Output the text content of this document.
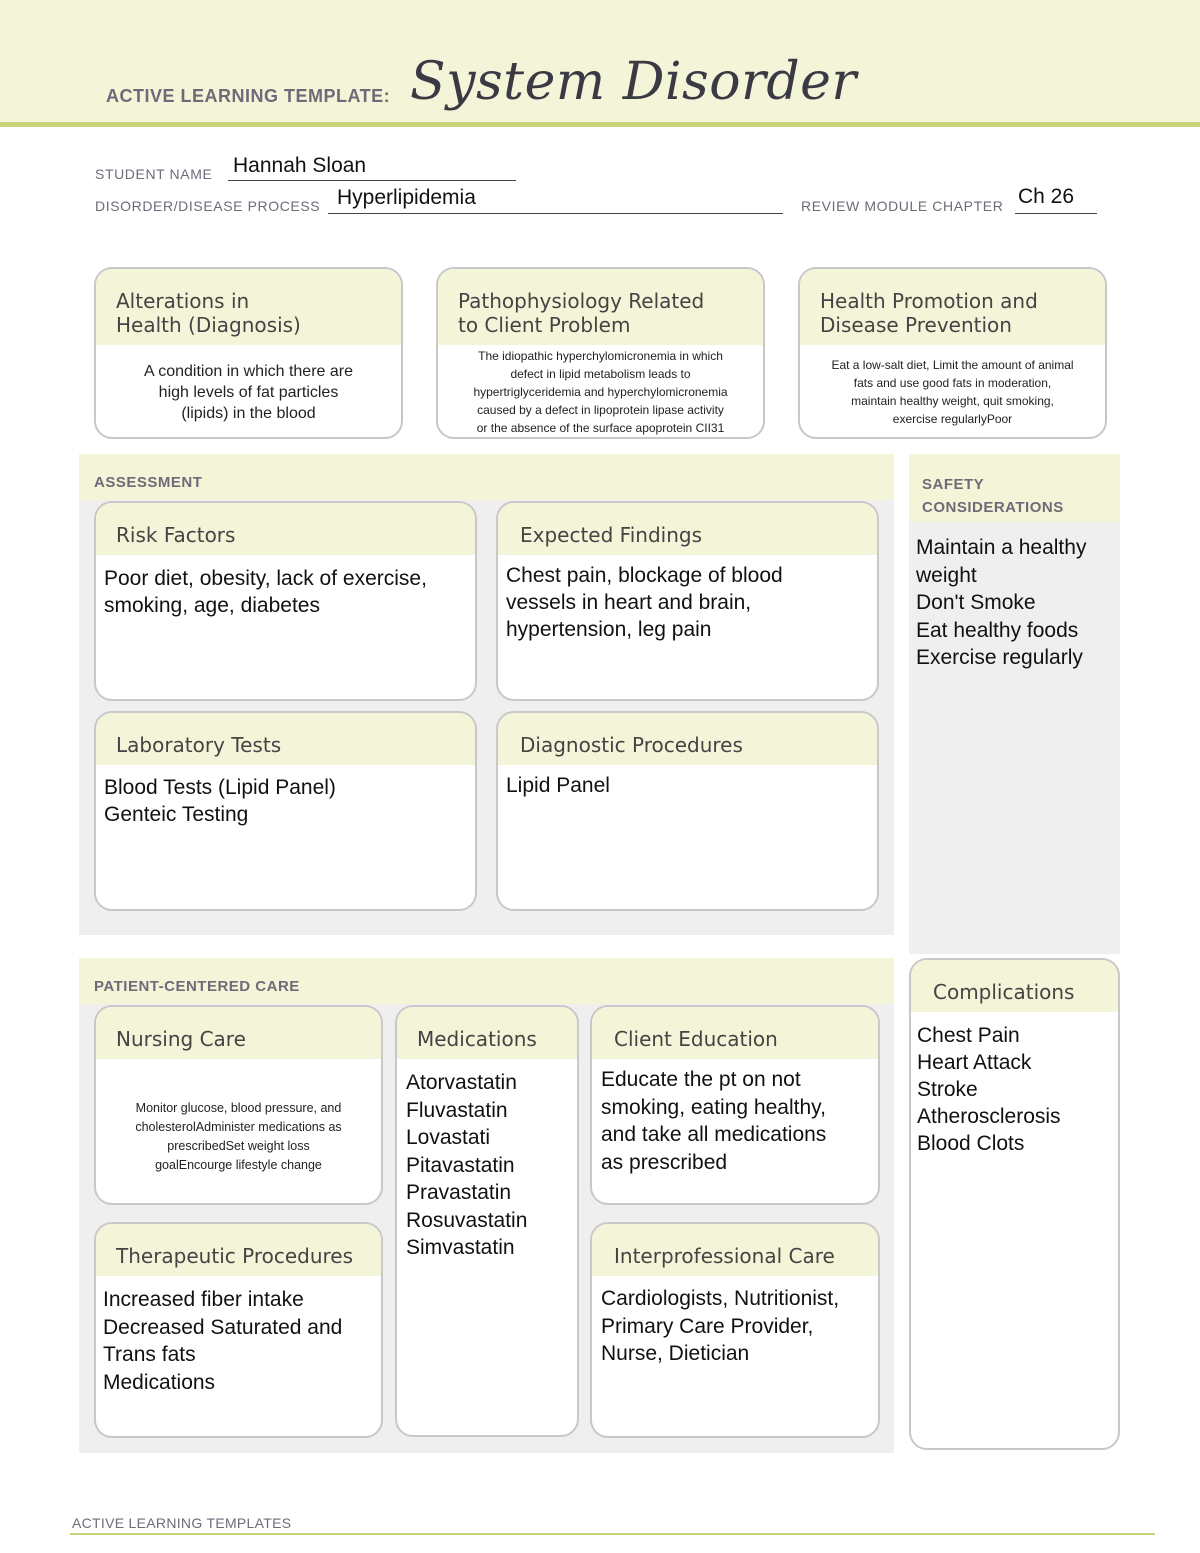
ACTIVE LEARNING TEMPLATE: System Disorder
STUDENT NAME Hannah Sloan
DISORDER/DISEASE PROCESS Hyperlipidemia	REVIEW MODULE CHAPTER Ch 26
Alterations in
Health (Diagnosis)
A condition in which there are
high levels of fat particles
(lipids) in the blood
Pathophysiology Related
to Client Problem
The idiopathic hyperchylomicronemia in which
defect in lipid metabolism leads to
hypertriglyceridemia and hyperchylomicronemia
caused by a defect in lipoprotein lipase activity
or the absence of the surface apoprotein CII31
Health Promotion and
Disease Prevention
Eat a low-salt diet, Limit the amount of animal
fats and use good fats in moderation,
maintain healthy weight, quit smoking,
exercise regularlyPoor
ASSESSMENT
Risk Factors
Poor diet, obesity, lack of exercise,
smoking, age, diabetes
Expected Findings
Chest pain, blockage of blood
vessels in heart and brain,
hypertension, leg pain
Laboratory Tests
Blood Tests (Lipid Panel)
Genteic Testing
Diagnostic Procedures
Lipid Panel
SAFETY
CONSIDERATIONS
Maintain a healthy
weight
Don't Smoke
Eat healthy foods
Exercise regularly
Complications
Chest Pain
Heart Attack
Stroke
Atherosclerosis
Blood Clots
PATIENT-CENTERED CARE
Nursing Care
Monitor glucose, blood pressure, and
cholesterolAdminister medications as
prescribedSet weight loss
goalEncourge lifestyle change
Medications
Atorvastatin
Fluvastatin
Lovastati
Pitavastatin
Pravastatin
Rosuvastatin
Simvastatin
Client Education
Educate the pt on not
smoking, eating healthy,
and take all medications
as prescribed
Therapeutic Procedures
Increased fiber intake
Decreased Saturated and
Trans fats
Medications
Interprofessional Care
Cardiologists, Nutritionist,
Primary Care Provider,
Nurse, Dietician
ACTIVE LEARNING TEMPLATES
